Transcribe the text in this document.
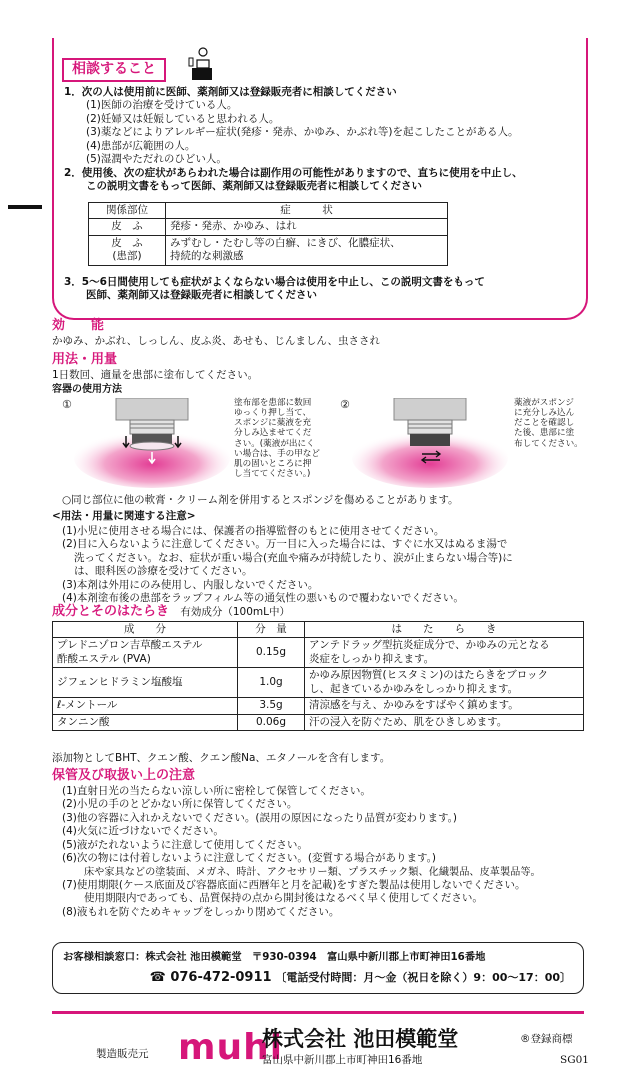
相談すること
1．次の人は使用前に医師、薬剤師又は登録販売者に相談してください
(1)医師の治療を受けている人。
(2)妊婦又は妊娠していると思われる人。
(3)薬などによりアレルギー症状(発疹・発赤、かゆみ、かぶれ等)を起こしたことがある人。
(4)患部が広範囲の人。
(5)湿潤やただれのひどい人。
2．使用後、次の症状があらわれた場合は副作用の可能性がありますので、直ちに使用を中止し、
この説明文書をもって医師、薬剤師又は登録販売者に相談してください
関係部位	症　　　状
皮　ふ	発疹・発赤、かゆみ、はれ
皮　ふ
(患部)	みずむし・たむし等の白癬、にきび、化膿症状、
持続的な刺激感
3．5～6日間使用しても症状がよくならない場合は使用を中止し、この説明文書をもって
医師、薬剤師又は登録販売者に相談してください
効　　能
かゆみ、かぶれ、しっしん、皮ふ炎、あせも、じんましん、虫さされ
用法・用量
1日数回、適量を患部に塗布してください。
容器の使用方法
①	塗布部を患部に数回
ゆっくり押し当て、
スポンジに薬液を充
分しみ込ませてくだ
さい。(薬液が出にく
い場合は、手の甲など
肌の固いところに押
し当ててください。)
②	薬液がスポンジ
に充分しみ込ん
だことを確認し
た後、患部に塗
布してください。
○同じ部位に他の軟膏・クリーム剤を併用するとスポンジを傷めることがあります。
<用法・用量に関連する注意>
(1)小児に使用させる場合には、保護者の指導監督のもとに使用させてください。
(2)目に入らないように注意してください。万一目に入った場合には、すぐに水又はぬるま湯で
洗ってください。なお、症状が重い場合(充血や痛みが持続したり、涙が止まらない場合等)に
は、眼科医の診療を受けてください。
(3)本剤は外用にのみ使用し、内服しないでください。
(4)本剤塗布後の患部をラップフィルム等の通気性の悪いもので覆わないでください。
成分とそのはたらき 有効成分（100mL中）
成　　分	分　量	は　　た　　ら　　き
プレドニゾロン吉草酸エステル
酢酸エステル (PVA)	0.15g	アンテドラッグ型抗炎症成分で、かゆみの元となる
炎症をしっかり抑えます。
ジフェンヒドラミン塩酸塩	1.0g	かゆみ原因物質(ヒスタミン)のはたらきをブロック
し、起きているかゆみをしっかり抑えます。
ℓ-メントール	3.5g	清涼感を与え、かゆみをすばやく鎮めます。
タンニン酸	0.06g	汗の浸入を防ぐため、肌をひきしめます。
添加物としてBHT、クエン酸、クエン酸Na、エタノールを含有します。
保管及び取扱い上の注意
(1)直射日光の当たらない涼しい所に密栓して保管してください。
(2)小児の手のとどかない所に保管してください。
(3)他の容器に入れかえないでください。(誤用の原因になったり品質が変わります。)
(4)火気に近づけないでください。
(5)液がたれないように注意して使用してください。
(6)次の物には付着しないように注意してください。(変質する場合があります。)
床や家具などの塗装面、メガネ、時計、アクセサリー類、プラスチック類、化繊製品、皮革製品等。
(7)使用期限(ケース底面及び容器底面に西暦年と月を記載)をすぎた製品は使用しないでください。
使用期限内であっても、品質保持の点から開封後はなるべく早く使用してください。
(8)液もれを防ぐためキャップをしっかり閉めてください。
お客様相談窓口：株式会社 池田模範堂　〒930-0394　富山県中新川郡上市町神田16番地
☎ 076-472-0911 〔電話受付時間：月～金（祝日を除く）9：00～17：00〕
製造販売元 muhi
株式会社 池田模範堂
富山県中新川郡上市町神田16番地
®登録商標
SG01
